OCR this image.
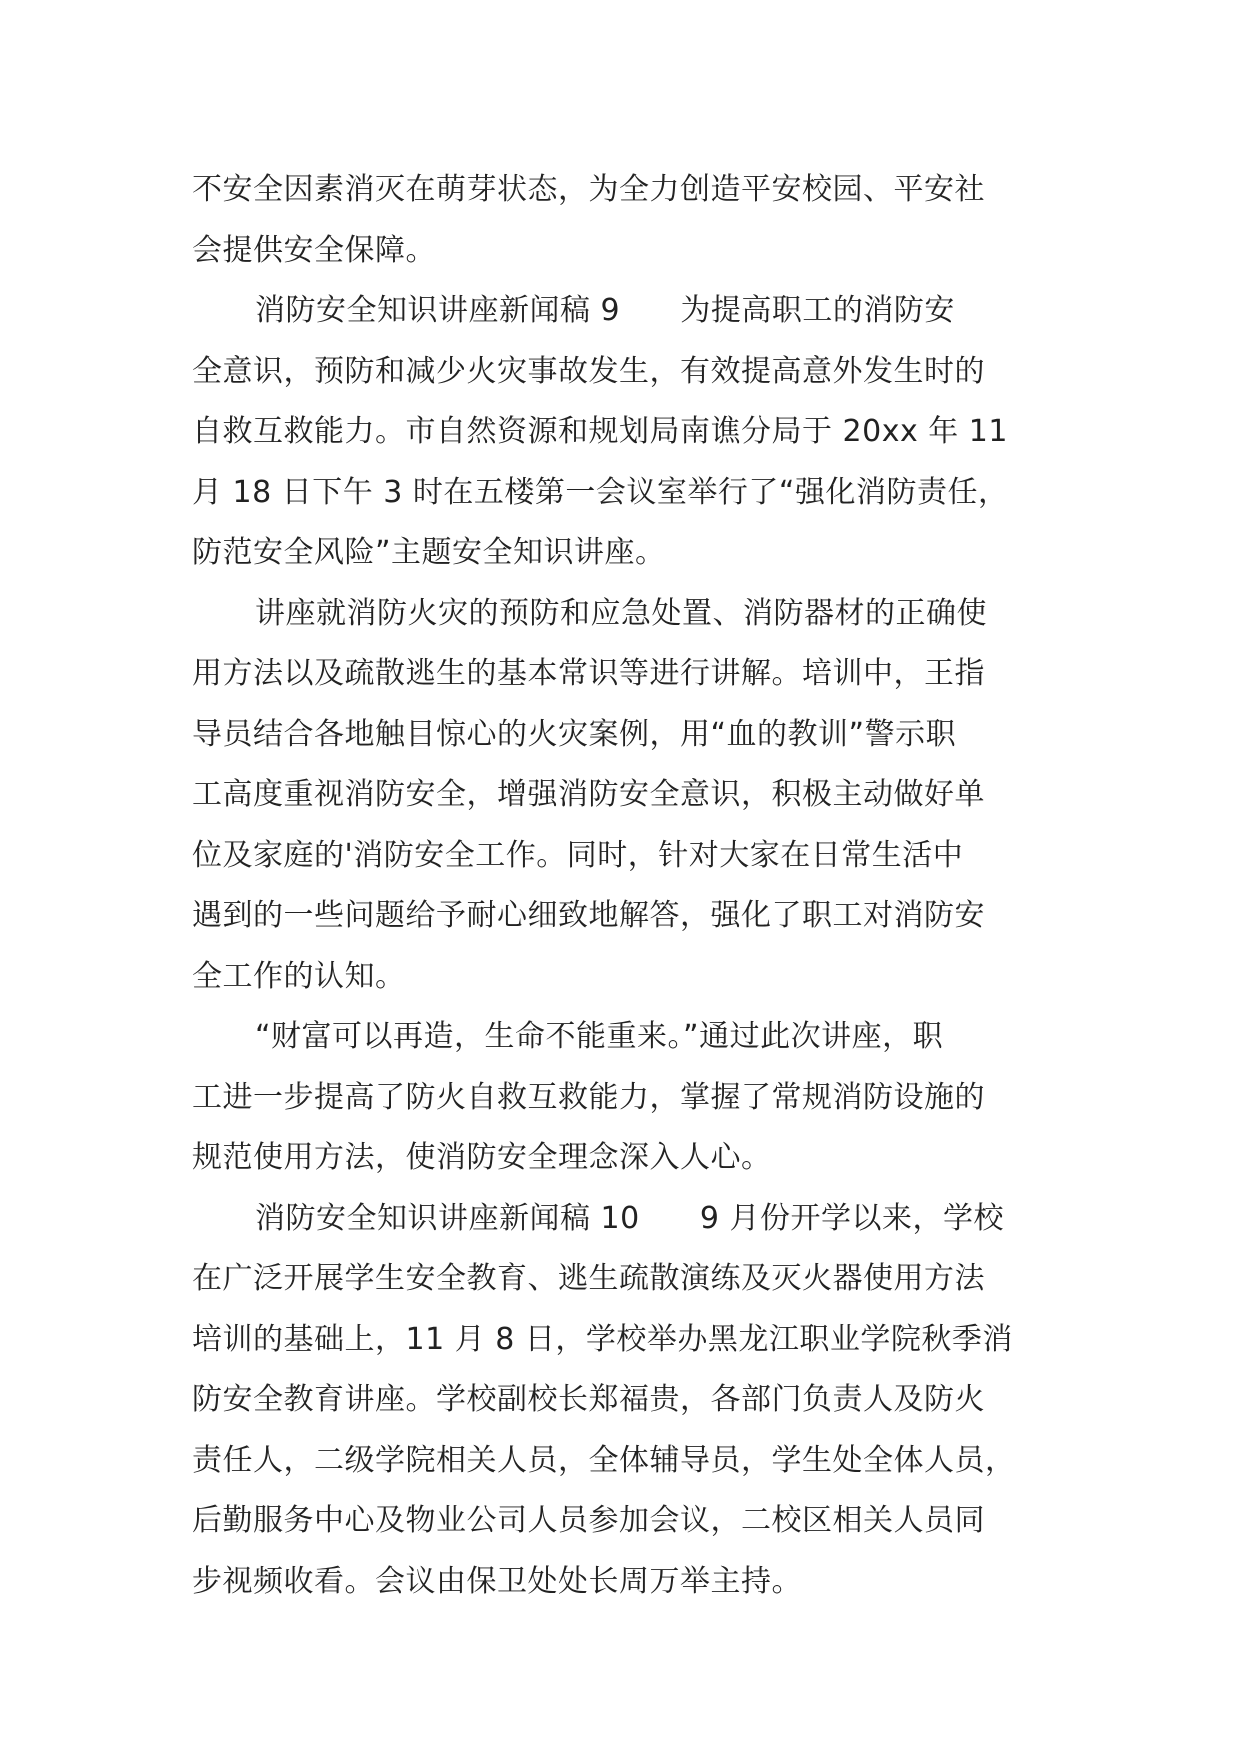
不安全因素消灭在萌芽状态，为全力创造平安校园、平安社
会提供安全保障。
消防安全知识讲座新闻稿 9      为提高职工的消防安
全意识，预防和减少火灾事故发生，有效提高意外发生时的
自救互救能力。市自然资源和规划局南谯分局于 20xx 年 11
月 18 日下午 3 时在五楼第一会议室举行了“强化消防责任，
防范安全风险”主题安全知识讲座。
讲座就消防火灾的预防和应急处置、消防器材的正确使
用方法以及疏散逃生的基本常识等进行讲解。培训中，王指
导员结合各地触目惊心的火灾案例，用“血的教训”警示职
工高度重视消防安全，增强消防安全意识，积极主动做好单
位及家庭的'消防安全工作。同时，针对大家在日常生活中
遇到的一些问题给予耐心细致地解答，强化了职工对消防安
全工作的认知。
“财富可以再造，生命不能重来。”通过此次讲座，职
工进一步提高了防火自救互救能力，掌握了常规消防设施的
规范使用方法，使消防安全理念深入人心。
消防安全知识讲座新闻稿 10      9 月份开学以来，学校
在广泛开展学生安全教育、逃生疏散演练及灭火器使用方法
培训的基础上，11 月 8 日，学校举办黑龙江职业学院秋季消
防安全教育讲座。学校副校长郑福贵，各部门负责人及防火
责任人，二级学院相关人员，全体辅导员，学生处全体人员，
后勤服务中心及物业公司人员参加会议，二校区相关人员同
步视频收看。会议由保卫处处长周万举主持。
